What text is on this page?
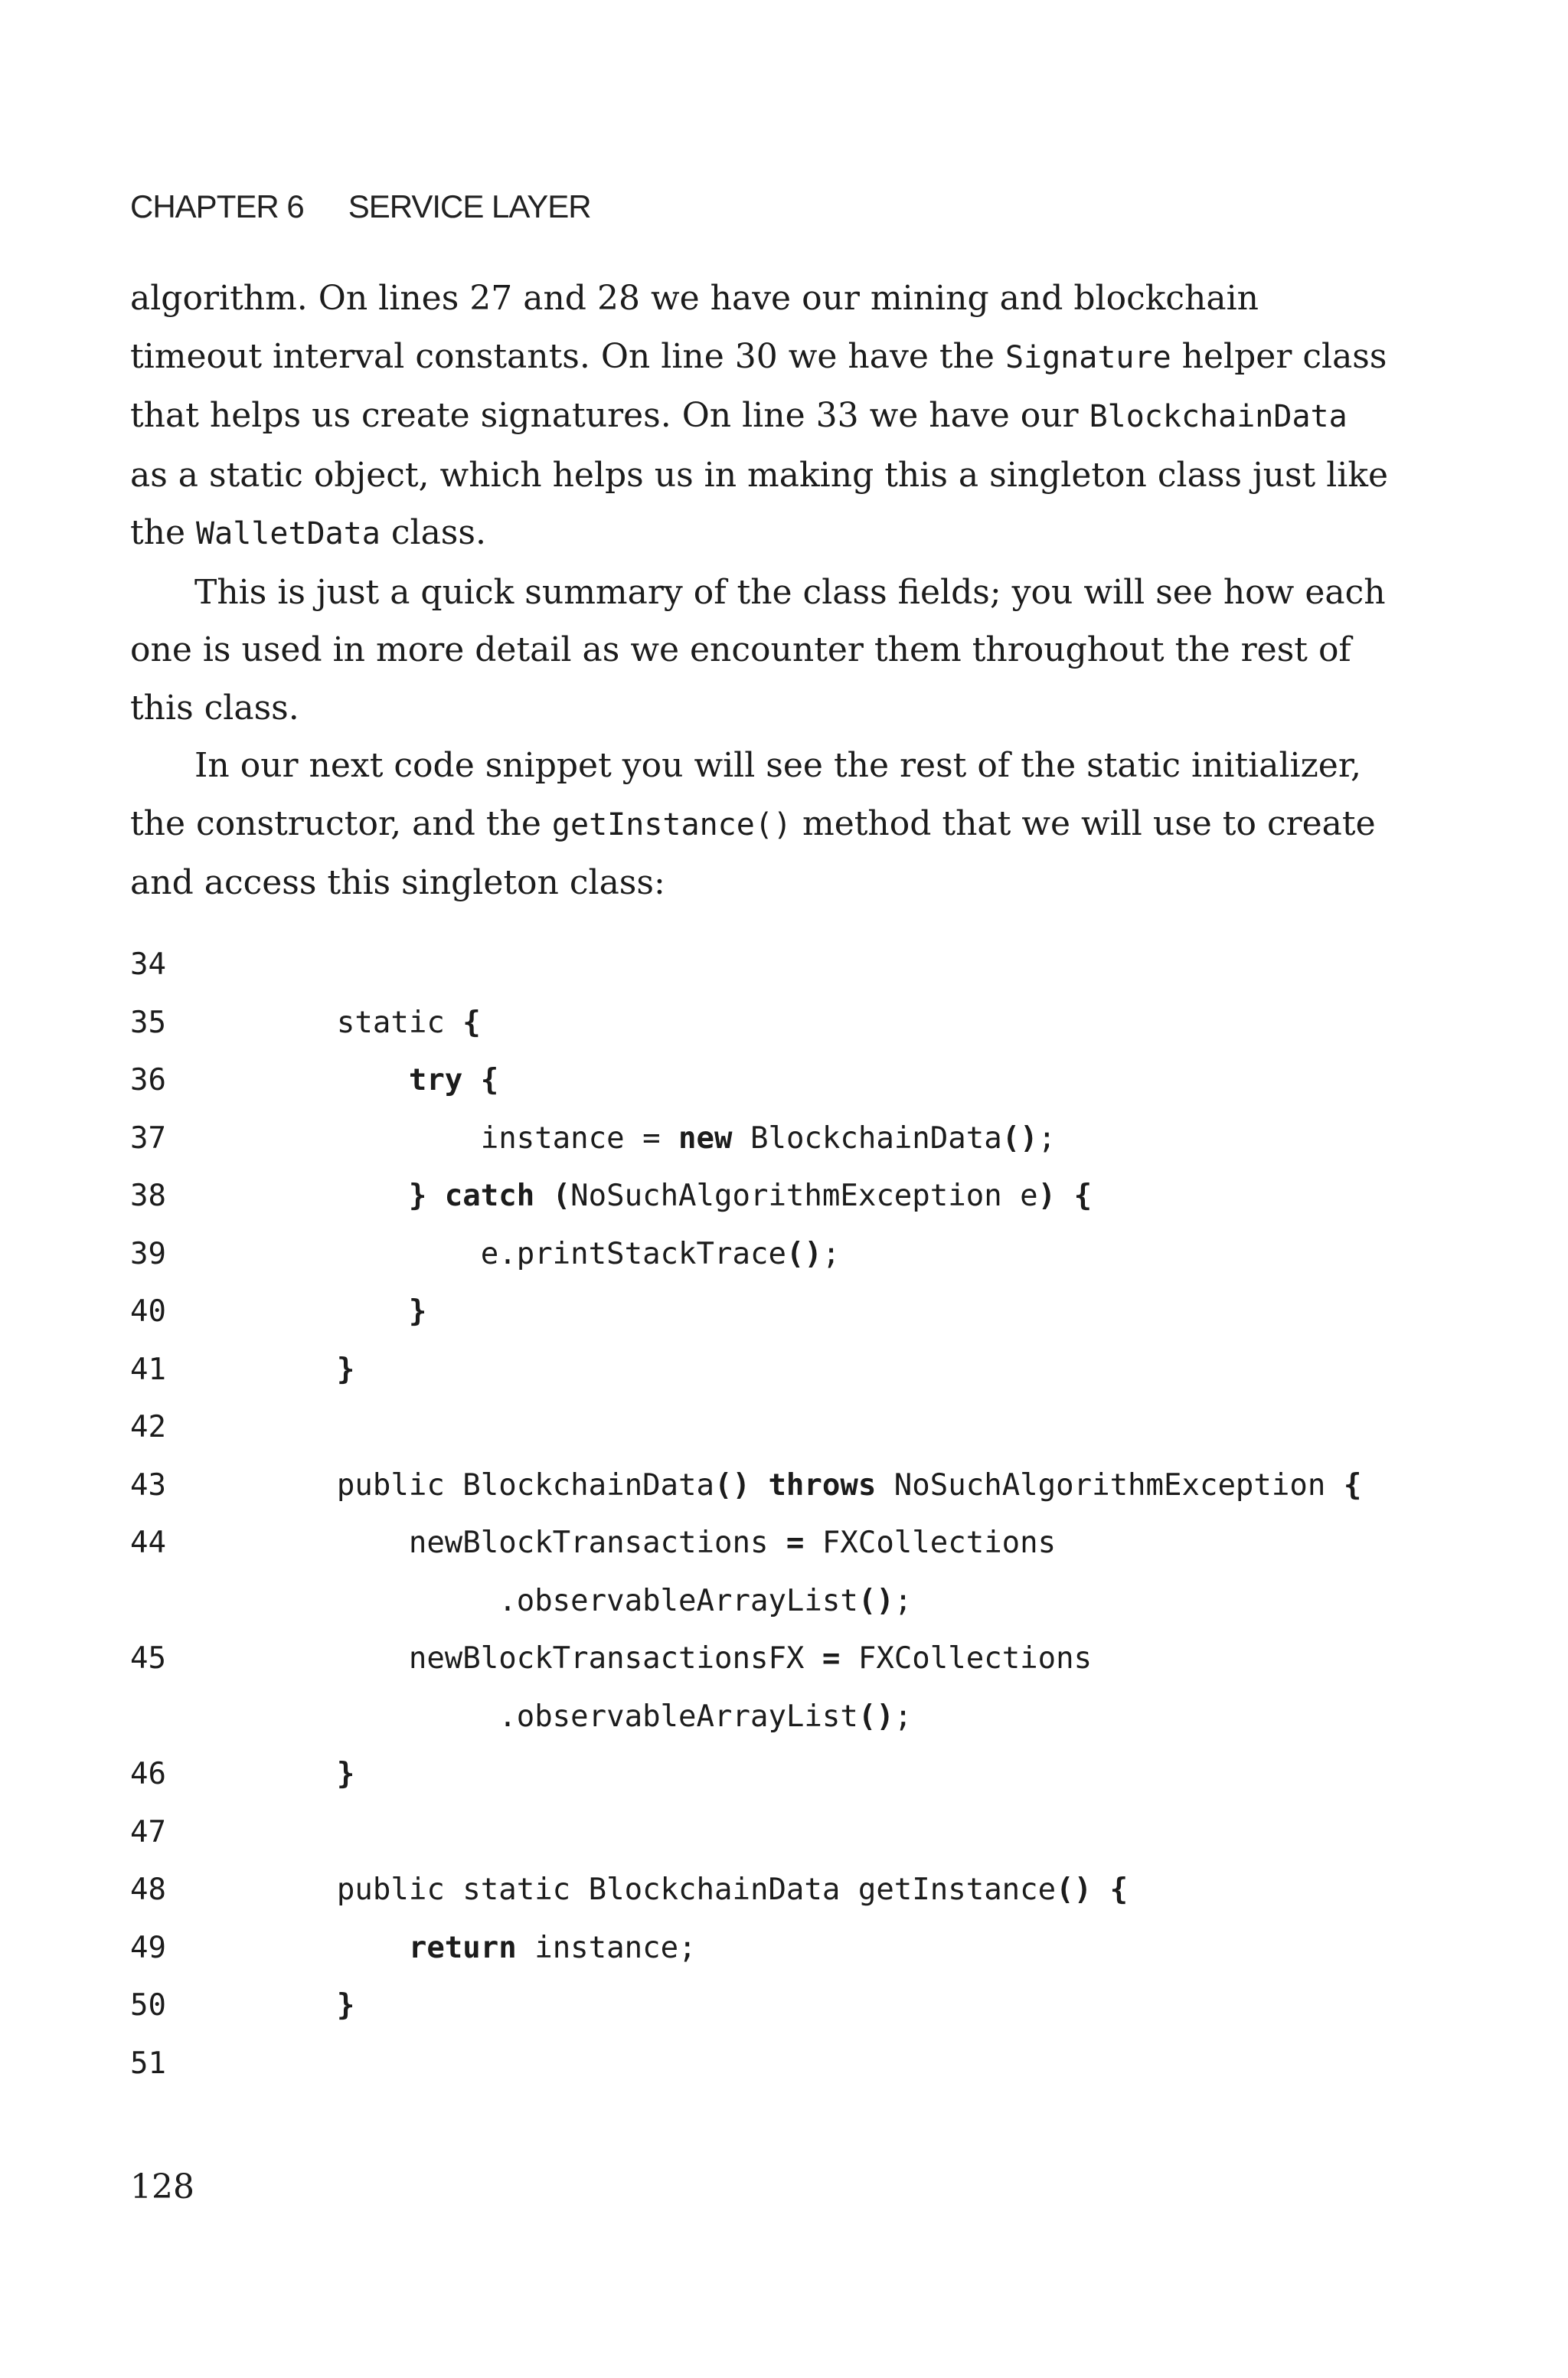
CHAPTER 6 SERVICE LAYER

algorithm. On lines 27 and 28 we have our mining and blockchain timeout interval constants. On line 30 we have the Signature helper class that helps us create signatures. On line 33 we have our BlockchainData as a static object, which helps us in making this a singleton class just like the WalletData class.

This is just a quick summary of the class fields; you will see how each one is used in more detail as we encounter them throughout the rest of this class.

In our next code snippet you will see the rest of the static initializer, the constructor, and the getInstance() method that we will use to create and access this singleton class:

34
35	static {
36	try {
37	instance = new BlockchainData();
38	} catch (NoSuchAlgorithmException e) {
39	e.printStackTrace();
40	}
41	}
42
43	public BlockchainData() throws NoSuchAlgorithmException {
44	newBlockTransactions = FXCollections
.observableArrayList();
45	newBlockTransactionsFX = FXCollections
.observableArrayList();
46	}
47
48	public static BlockchainData getInstance() {
49	return instance;
50	}
51
128
